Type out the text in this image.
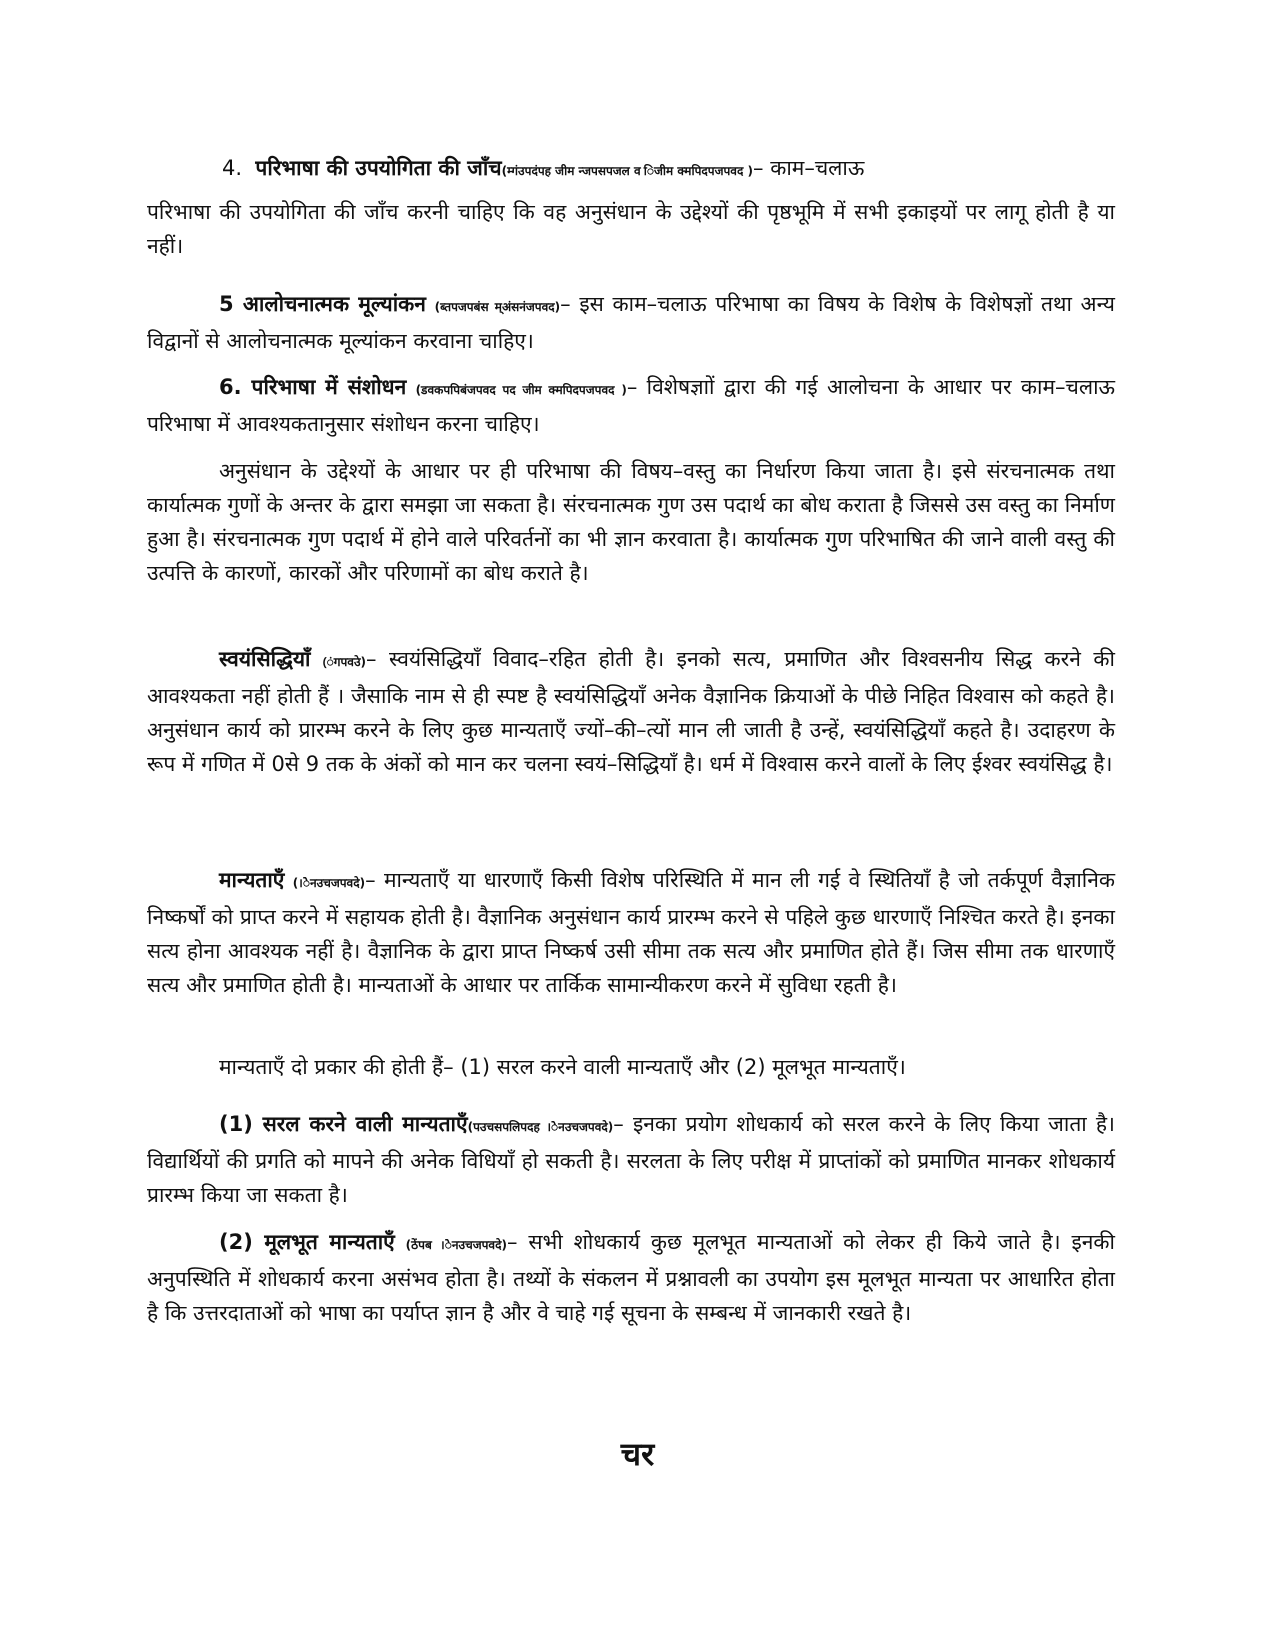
4. परिभाषा की उपयोगिता की जाँच(म्गंउपदंपह जीम न्जपसपजल व िजीम क्मपिदपजपवद )– काम–चलाऊ

परिभाषा की उपयोगिता की जाँच करनी चाहिए कि वह अनुसंधान के उद्देश्यों की पृष्ठभूमि में सभी इकाइयों पर लागू होती है या नहीं।

5 आलोचनात्मक मूल्यांकन (ब्तपजपबंस म्अंसनंजपवद)– इस काम–चलाऊ परिभाषा का विषय के विशेष के विशेषज्ञों तथा अन्य विद्वानों से आलोचनात्मक मूल्यांकन करवाना चाहिए।

6. परिभाषा में संशोधन (डवकपपिबंजपवद पद जीम क्मपिदपजपवद )– विशेषज्ञाों द्वारा की गई आलोचना के आधार पर काम–चलाऊ परिभाषा में आवश्यकतानुसार संशोधन करना चाहिए।

अनुसंधान के उद्देश्यों के आधार पर ही परिभाषा की विषय–वस्तु का निर्धारण किया जाता है। इसे संरचनात्मक तथा कार्यात्मक गुणों के अन्तर के द्वारा समझा जा सकता है। संरचनात्मक गुण उस पदार्थ का बोध कराता है जिससे उस वस्तु का निर्माण हुआ है। संरचनात्मक गुण पदार्थ में होने वाले परिवर्तनों का भी ज्ञान करवाता है। कार्यात्मक गुण परिभाषित की जाने वाली वस्तु की उत्पत्ति के कारणों, कारकों और परिणामों का बोध कराते है।

स्वयंसिद्धियाँ (ंगपवउे)– स्वयंसिद्धियाँ विवाद–रहित होती है। इनको सत्य, प्रमाणित और विश्वसनीय सिद्ध करने की आवश्यकता नहीं होती हैं । जैसाकि नाम से ही स्पष्ट है स्वयंसिद्धियाँ अनेक वैज्ञानिक क्रियाओं के पीछे निहित विश्वास को कहते है। अनुसंधान कार्य को प्रारम्भ करने के लिए कुछ मान्यताएँ ज्यों–की–त्यों मान ली जाती है उन्हें, स्वयंसिद्धियाँ कहते है। उदाहरण के रूप में गणित में 0से 9 तक के अंकों को मान कर चलना स्वयं–सिद्धियाँ है। धर्म में विश्वास करने वालों के लिए ईश्वर स्वयंसिद्ध है।

मान्यताएँ (।ेेनउचजपवदे)– मान्यताएँ या धारणाएँ किसी विशेष परिस्थिति में मान ली गई वे स्थितियाँ है जो तर्कपूर्ण वैज्ञानिक निष्कर्षों को प्राप्त करने में सहायक होती है। वैज्ञानिक अनुसंधान कार्य प्रारम्भ करने से पहिले कुछ धारणाएँ निश्चित करते है। इनका सत्य होना आवश्यक नहीं है। वैज्ञानिक के द्वारा प्राप्त निष्कर्ष उसी सीमा तक सत्य और प्रमाणित होते हैं। जिस सीमा तक धारणाएँ सत्य और प्रमाणित होती है। मान्यताओं के आधार पर तार्किक सामान्यीकरण करने में सुविधा रहती है।

मान्यताएँ दो प्रकार की होती हैं– (1) सरल करने वाली मान्यताएँ और (2) मूलभूत मान्यताएँ।

(1) सरल करने वाली मान्यताएँ(पउचसपलिपदह ।ेेनउचजपवदे)– इनका प्रयोग शोधकार्य को सरल करने के लिए किया जाता है। विद्यार्थियों की प्रगति को मापने की अनेक विधियाँ हो सकती है। सरलता के लिए परीक्ष में प्राप्तांकों को प्रमाणित मानकर शोधकार्य प्रारम्भ किया जा सकता है।

(2) मूलभूत मान्यताएँ (ठेंपब ।ेेनउचजपवदे)– सभी शोधकार्य कुछ मूलभूत मान्यताओं को लेकर ही किये जाते है। इनकी अनुपस्थिति में शोधकार्य करना असंभव होता है। तथ्यों के संकलन में प्रश्नावली का उपयोग इस मूलभूत मान्यता पर आधारित होता है कि उत्तरदाताओं को भाषा का पर्याप्त ज्ञान है और वे चाहे गई सूचना के सम्बन्ध में जानकारी रखते है।

चर
